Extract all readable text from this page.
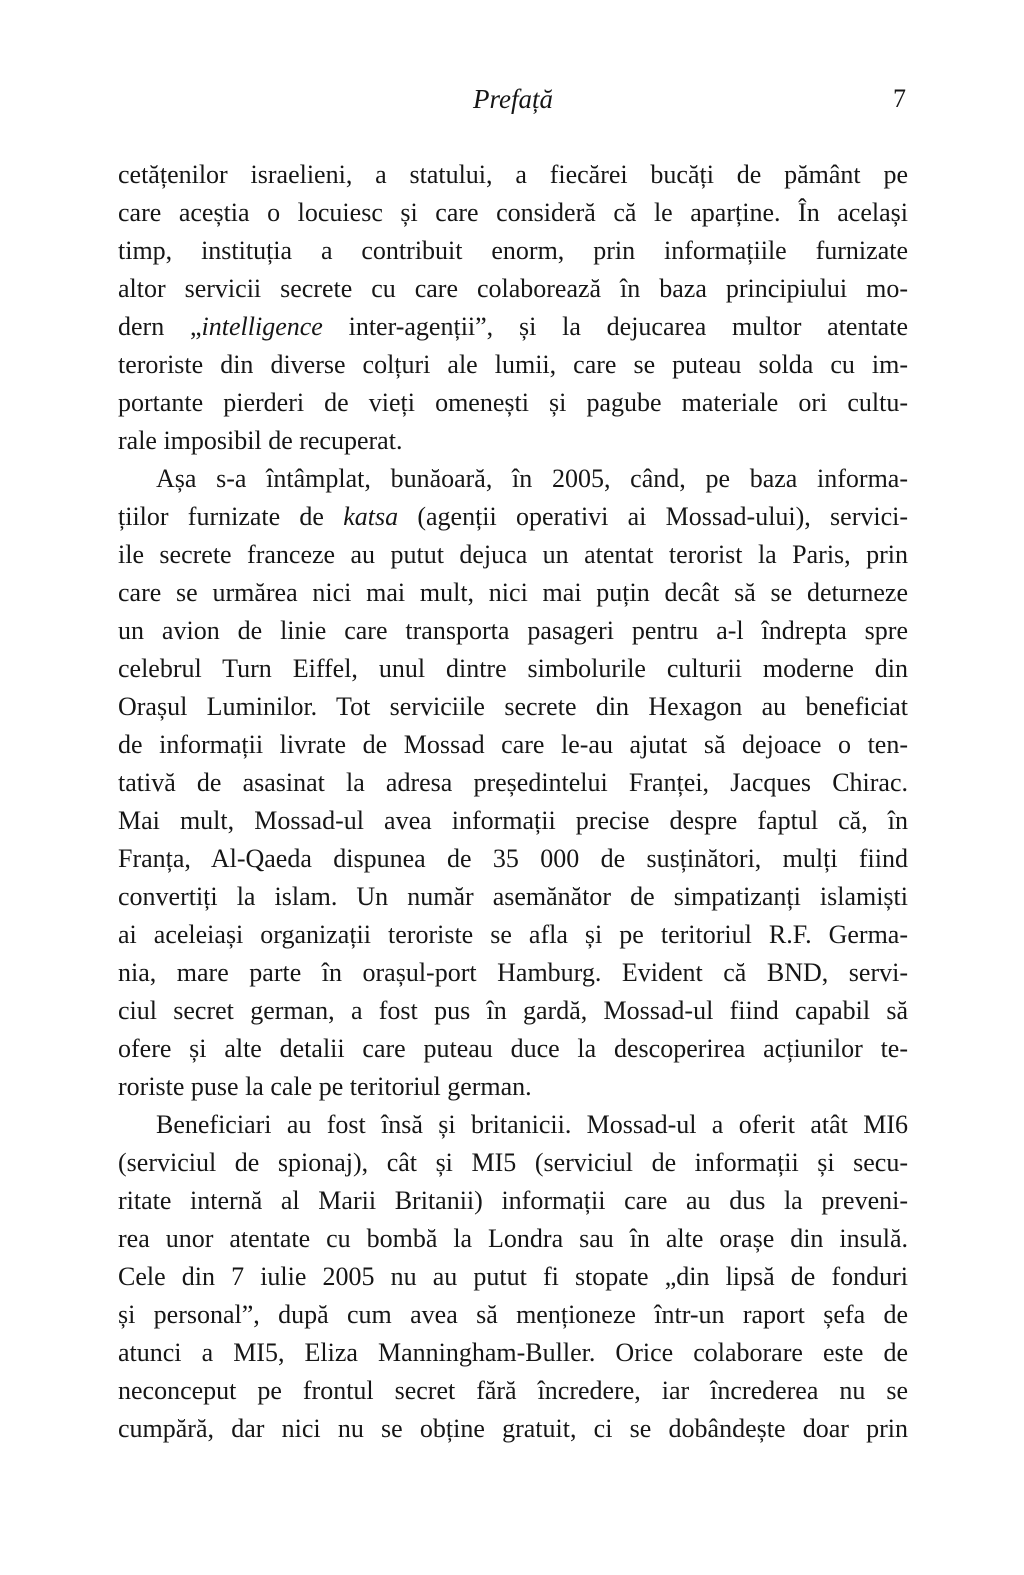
Prefață	7
cetățenilor israelieni, a statului, a fiecărei bucăți de pământ pe
care aceștia o locuiesc și care consideră că le aparține. În același
timp, instituția a contribuit enorm, prin informațiile furnizate
altor servicii secrete cu care colaborează în baza principiului mo-
dern „intelligence inter-agenții”, și la dejucarea multor atentate
teroriste din diverse colțuri ale lumii, care se puteau solda cu im-
portante pierderi de vieți omenești și pagube materiale ori cultu-
rale imposibil de recuperat.
Așa s-a întâmplat, bunăoară, în 2005, când, pe baza informa-
țiilor furnizate de katsa (agenții operativi ai Mossad-ului), servici-
ile secrete franceze au putut dejuca un atentat terorist la Paris, prin
care se urmărea nici mai mult, nici mai puțin decât să se deturneze
un avion de linie care transporta pasageri pentru a-l îndrepta spre
celebrul Turn Eiffel, unul dintre simbolurile culturii moderne din
Orașul Luminilor. Tot serviciile secrete din Hexagon au beneficiat
de informații livrate de Mossad care le-au ajutat să dejoace o ten-
tativă de asasinat la adresa președintelui Franței, Jacques Chirac.
Mai mult, Mossad-ul avea informații precise despre faptul că, în
Franța, Al-Qaeda dispunea de 35 000 de susținători, mulți fiind
convertiți la islam. Un număr asemănător de simpatizanți islamiști
ai aceleiași organizații teroriste se afla și pe teritoriul R.F. Germa-
nia, mare parte în orașul-port Hamburg. Evident că BND, servi-
ciul secret german, a fost pus în gardă, Mossad-ul fiind capabil să
ofere și alte detalii care puteau duce la descoperirea acțiunilor te-
roriste puse la cale pe teritoriul german.
Beneficiari au fost însă și britanicii. Mossad-ul a oferit atât MI6
(serviciul de spionaj), cât și MI5 (serviciul de informații și secu-
ritate internă al Marii Britanii) informații care au dus la preveni-
rea unor atentate cu bombă la Londra sau în alte orașe din insulă.
Cele din 7 iulie 2005 nu au putut fi stopate „din lipsă de fonduri
și personal”, după cum avea să menționeze într-un raport șefa de
atunci a MI5, Eliza Manningham-Buller. Orice colaborare este de
neconceput pe frontul secret fără încredere, iar încrederea nu se
cumpără, dar nici nu se obține gratuit, ci se dobândește doar prin
